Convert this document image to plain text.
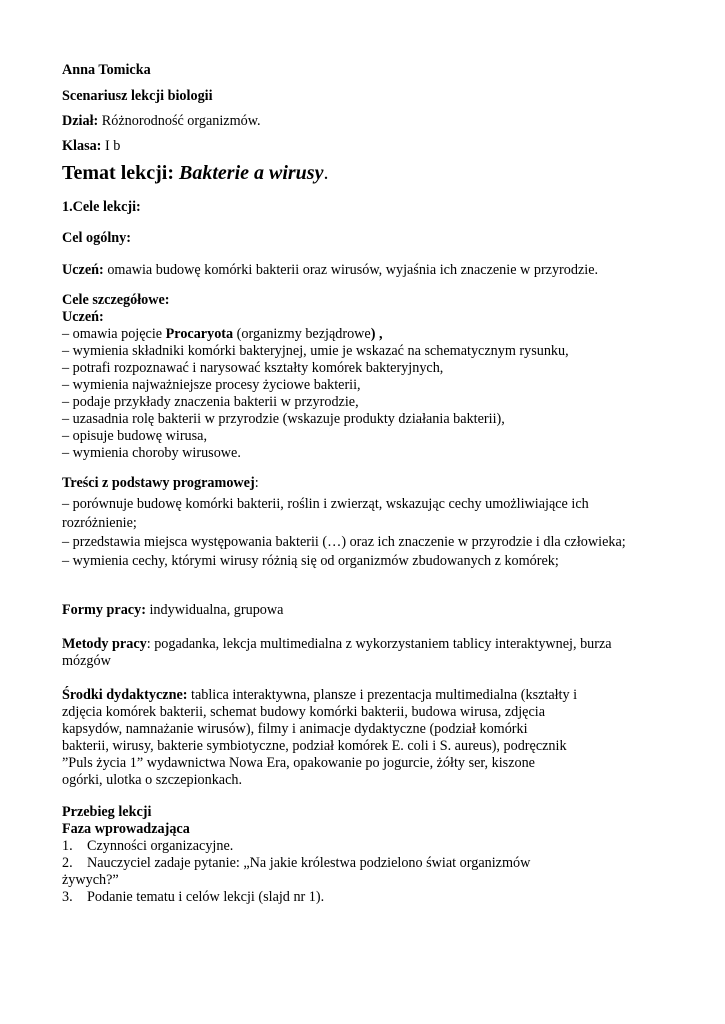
Anna Tomicka
Scenariusz lekcji biologii
Dział: Różnorodność organizmów.
Klasa: I b
Temat lekcji: Bakterie a wirusy.
1.Cele lekcji:
Cel ogólny:
Uczeń: omawia budowę komórki bakterii oraz wirusów, wyjaśnia ich znaczenie w przyrodzie.
Cele szczegółowe:
Uczeń:
– omawia pojęcie Procaryota (organizmy bezjądrowe) ,
– wymienia składniki komórki bakteryjnej, umie je wskazać na schematycznym rysunku,
– potrafi rozpoznawać i narysować kształty komórek bakteryjnych,
– wymienia najważniejsze procesy życiowe bakterii,
– podaje przykłady znaczenia bakterii w przyrodzie,
– uzasadnia rolę bakterii w przyrodzie (wskazuje produkty działania bakterii),
– opisuje budowę wirusa,
– wymienia choroby wirusowe.
Treści z podstawy programowej:
– porównuje budowę komórki bakterii, roślin i zwierząt, wskazując cechy umożliwiające ich
rozróżnienie;
– przedstawia miejsca występowania bakterii (…) oraz ich znaczenie w przyrodzie i dla człowieka;
– wymienia cechy, którymi wirusy różnią się od organizmów zbudowanych z komórek;
Formy pracy: indywidualna, grupowa
Metody pracy: pogadanka, lekcja multimedialna z wykorzystaniem tablicy interaktywnej, burza
mózgów
Środki dydaktyczne: tablica interaktywna, plansze i prezentacja multimedialna (kształty i
zdjęcia komórek bakterii, schemat budowy komórki bakterii, budowa wirusa, zdjęcia
kapsydów, namnażanie wirusów), filmy i animacje dydaktyczne (podział komórki
bakterii, wirusy, bakterie symbiotyczne, podział komórek E. coli i S. aureus), podręcznik
”Puls życia 1” wydawnictwa Nowa Era, opakowanie po jogurcie, żółty ser, kiszone
ogórki, ulotka o szczepionkach.
Przebieg lekcji
Faza wprowadzająca
1. Czynności organizacyjne.
2. Nauczyciel zadaje pytanie: „Na jakie królestwa podzielono świat organizmów
żywych?”
3. Podanie tematu i celów lekcji (slajd nr 1).
